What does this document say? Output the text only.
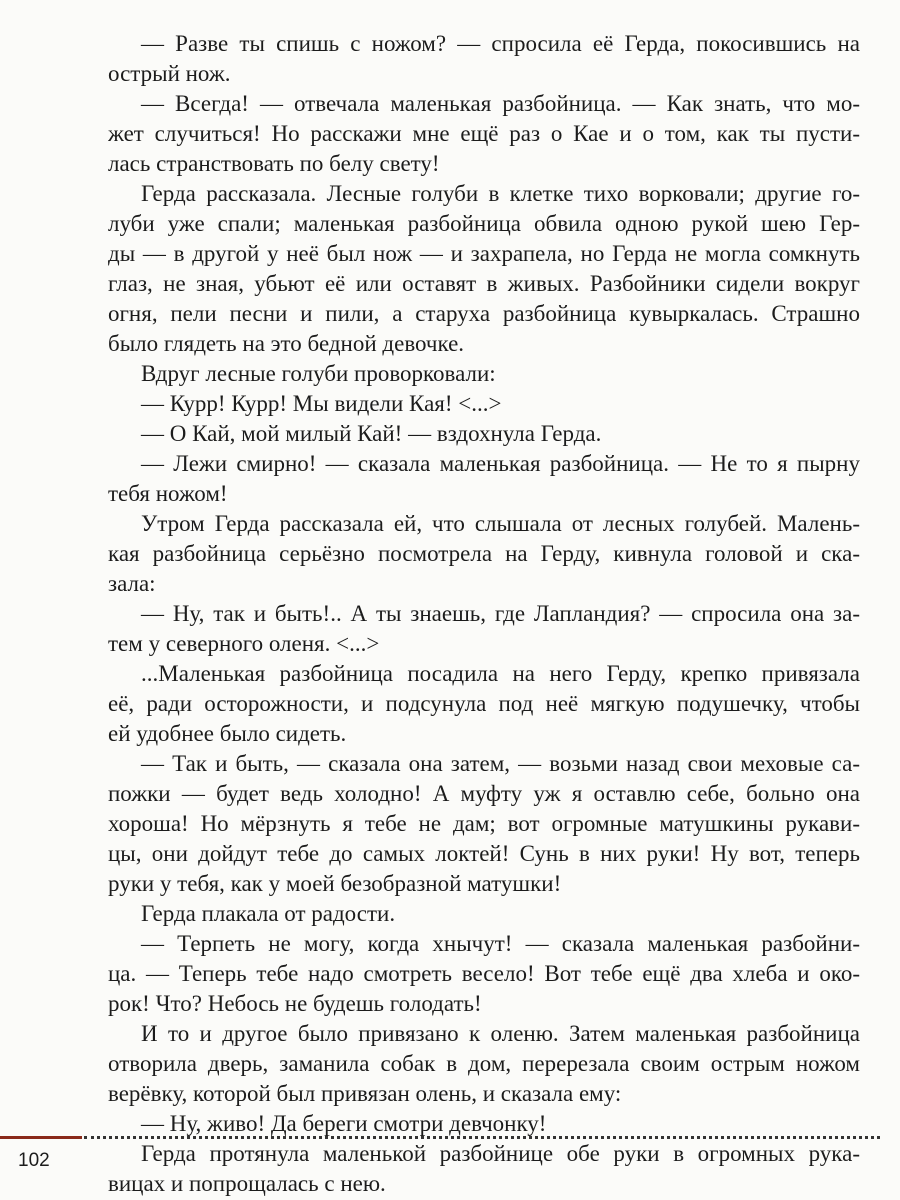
— Разве ты спишь с ножом? — спросила её Герда, покосившись на
острый нож.
— Всегда! — отвечала маленькая разбойница. — Как знать, что мо-
жет случиться! Но расскажи мне ещё раз о Кае и о том, как ты пусти-
лась странствовать по белу свету!
Герда рассказала. Лесные голуби в клетке тихо ворковали; другие го-
луби уже спали; маленькая разбойница обвила одною рукой шею Гер-
ды — в другой у неё был нож — и захрапела, но Герда не могла сомкнуть
глаз, не зная, убьют её или оставят в живых. Разбойники сидели вокруг
огня, пели песни и пили, а старуха разбойница кувыркалась. Страшно
было глядеть на это бедной девочке.
Вдруг лесные голуби проворковали:
— Курр! Курр! Мы видели Кая! <...>
— О Кай, мой милый Кай! — вздохнула Герда.
— Лежи смирно! — сказала маленькая разбойница. — Не то я пырну
тебя ножом!
Утром Герда рассказала ей, что слышала от лесных голубей. Малень-
кая разбойница серьёзно посмотрела на Герду, кивнула головой и ска-
зала:
— Ну, так и быть!.. А ты знаешь, где Лапландия? — спросила она за-
тем у северного оленя. <...>
...Маленькая разбойница посадила на него Герду, крепко привязала
её, ради осторожности, и подсунула под неё мягкую подушечку, чтобы
ей удобнее было сидеть.
— Так и быть, — сказала она затем, — возьми назад свои меховые са-
пожки — будет ведь холодно! А муфту уж я оставлю себе, больно она
хороша! Но мёрзнуть я тебе не дам; вот огромные матушкины рукави-
цы, они дойдут тебе до самых локтей! Сунь в них руки! Ну вот, теперь
руки у тебя, как у моей безобразной матушки!
Герда плакала от радости.
— Терпеть не могу, когда хнычут! — сказала маленькая разбойни-
ца. — Теперь тебе надо смотреть весело! Вот тебе ещё два хлеба и око-
рок! Что? Небось не будешь голодать!
И то и другое было привязано к оленю. Затем маленькая разбойница
отворила дверь, заманила собак в дом, перерезала своим острым ножом
верёвку, которой был привязан олень, и сказала ему:
— Ну, живо! Да береги смотри девчонку!
Герда протянула маленькой разбойнице обе руки в огромных рука-
вицах и попрощалась с нею.
102
